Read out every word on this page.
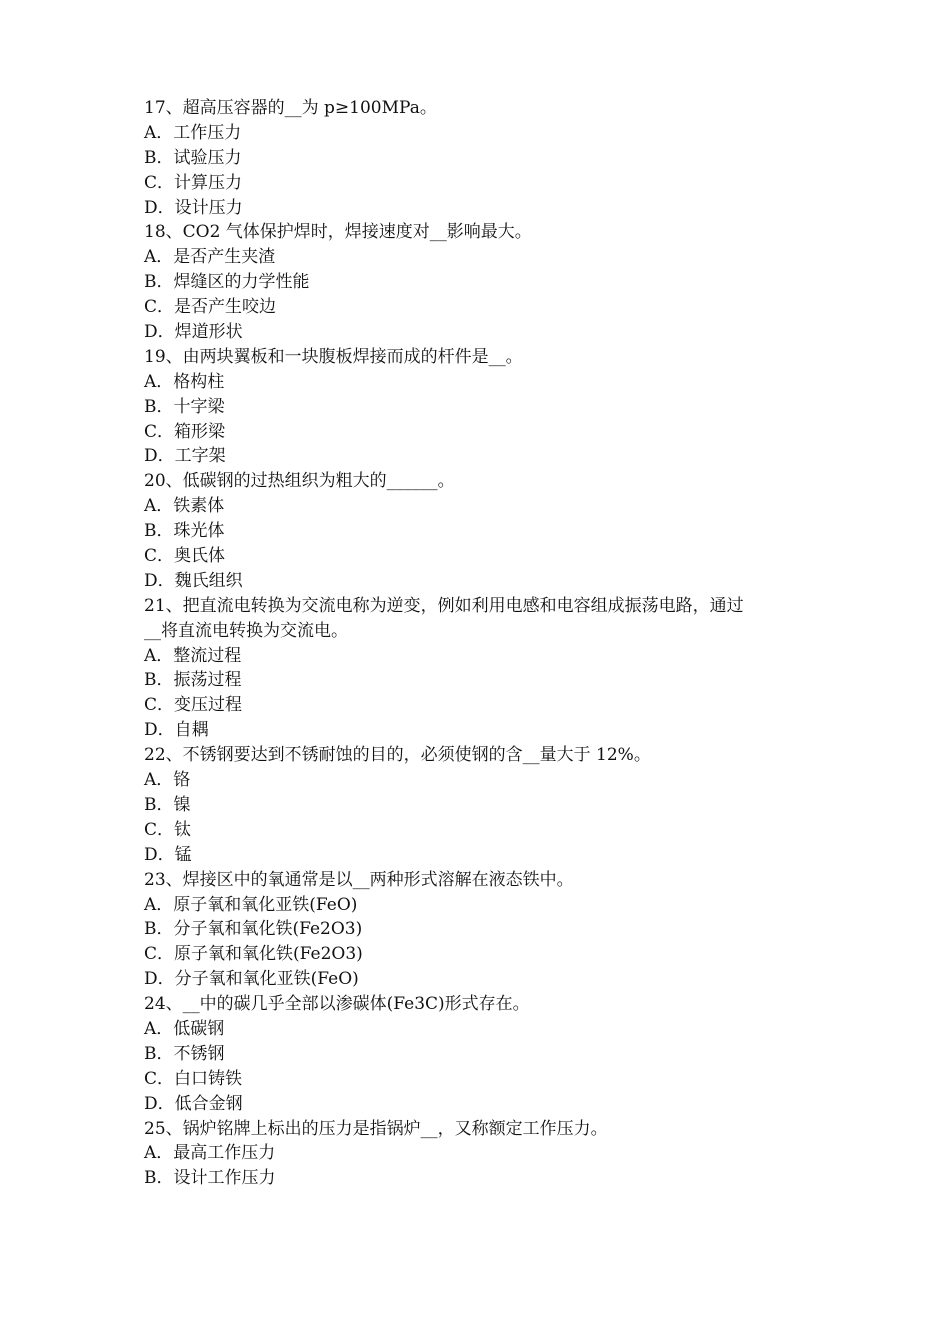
17、超高压容器的__为 p≥100MPa。
A．工作压力
B．试验压力
C．计算压力
D．设计压力
18、CO2 气体保护焊时，焊接速度对__影响最大。
A．是否产生夹渣
B．焊缝区的力学性能
C．是否产生咬边
D．焊道形状
19、由两块翼板和一块腹板焊接而成的杆件是__。
A．格构柱
B．十字梁
C．箱形梁
D．工字架
20、低碳钢的过热组织为粗大的______。
A．铁素体
B．珠光体
C．奥氏体
D．魏氏组织
21、把直流电转换为交流电称为逆变，例如利用电感和电容组成振荡电路，通过
__将直流电转换为交流电。
A．整流过程
B．振荡过程
C．变压过程
D．自耦
22、不锈钢要达到不锈耐蚀的目的，必须使钢的含__量大于 12%。
A．铬
B．镍
C．钛
D．锰
23、焊接区中的氧通常是以__两种形式溶解在液态铁中。
A．原子氧和氧化亚铁(FeO)
B．分子氧和氧化铁(Fe2O3)
C．原子氧和氧化铁(Fe2O3)
D．分子氧和氧化亚铁(FeO)
24、__中的碳几乎全部以渗碳体(Fe3C)形式存在。
A．低碳钢
B．不锈钢
C．白口铸铁
D．低合金钢
25、锅炉铭牌上标出的压力是指锅炉__，又称额定工作压力。
A．最高工作压力
B．设计工作压力
